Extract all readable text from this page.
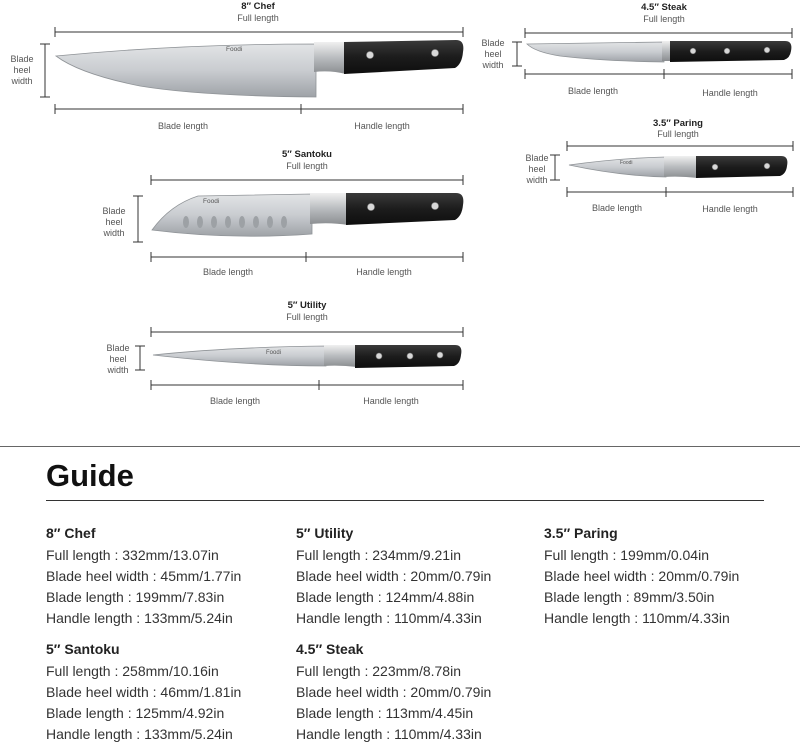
8″ Chef
Full length
Blade
heel
width
Foodi
Blade length	Handle length
5″ Santoku
Full length
Blade
heel
width
Foodi
Blade length	Handle length
5″ Utility
Full length
Blade
heel
width
Foodi
Blade length	Handle length
4.5″ Steak
Full length
Blade
heel
width
Blade length	Handle length
3.5″ Paring
Full length
Blade
heel
width
Foodi
Blade length	Handle length
Guide
8″ Chef
Full length : 332mm/13.07in
Blade heel width : 45mm/1.77in
Blade length : 199mm/7.83in
Handle length : 133mm/5.24in
5″ Utility
Full length : 234mm/9.21in
Blade heel width : 20mm/0.79in
Blade length : 124mm/4.88in
Handle length : 110mm/4.33in
3.5″ Paring
Full length : 199mm/0.04in
Blade heel width : 20mm/0.79in
Blade length : 89mm/3.50in
Handle length : 110mm/4.33in
5″ Santoku
Full length : 258mm/10.16in
Blade heel width : 46mm/1.81in
Blade length : 125mm/4.92in
Handle length : 133mm/5.24in
4.5″ Steak
Full length : 223mm/8.78in
Blade heel width : 20mm/0.79in
Blade length : 113mm/4.45in
Handle length : 110mm/4.33in
